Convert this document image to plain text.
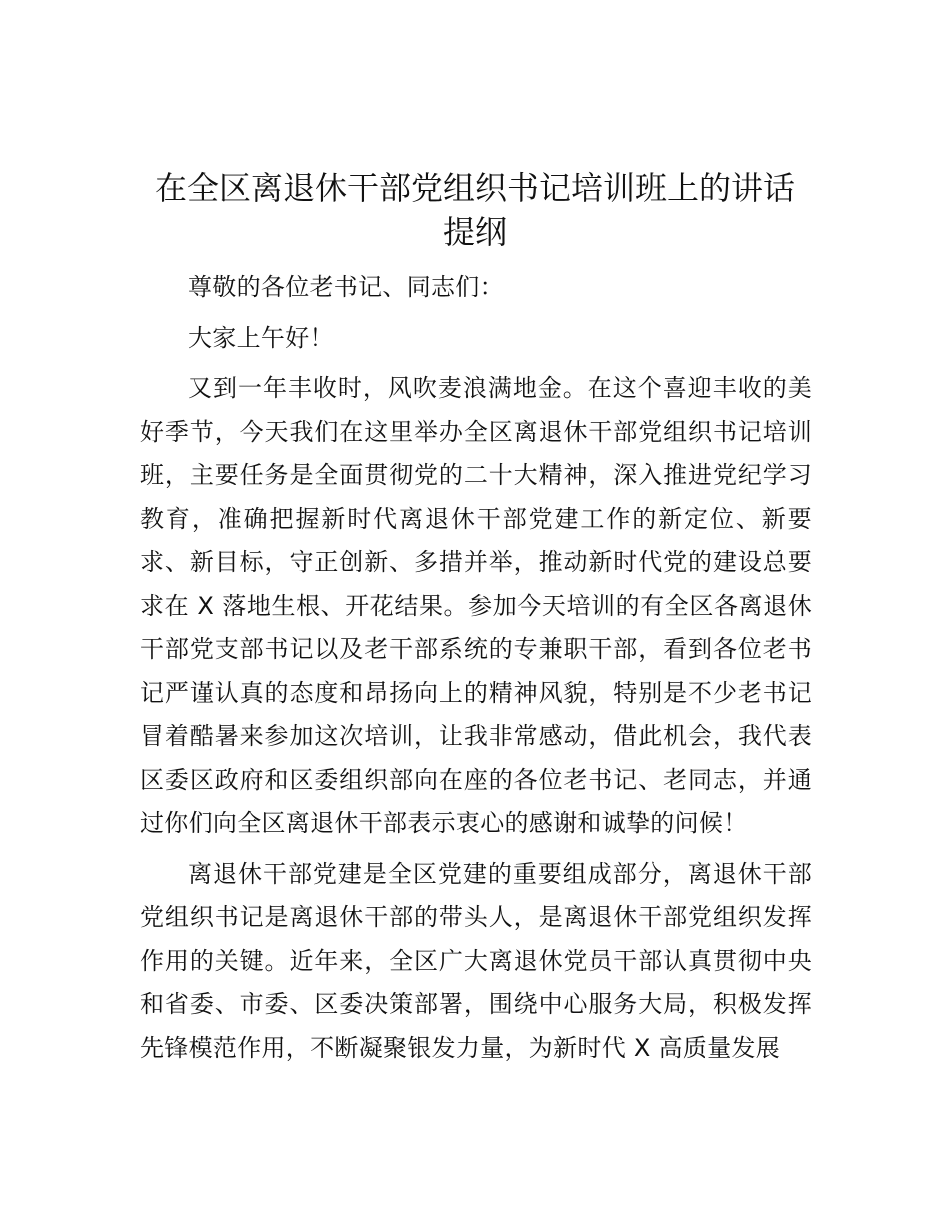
在全区离退休干部党组织书记培训班上的讲话提纲

尊敬的各位老书记、同志们：

大家上午好！

又到一年丰收时，风吹麦浪满地金。在这个喜迎丰收的美好季节，今天我们在这里举办全区离退休干部党组织书记培训班，主要任务是全面贯彻党的二十大精神，深入推进党纪学习教育，准确把握新时代离退休干部党建工作的新定位、新要求、新目标，守正创新、多措并举，推动新时代党的建设总要求在 X 落地生根、开花结果。参加今天培训的有全区各离退休干部党支部书记以及老干部系统的专兼职干部，看到各位老书记严谨认真的态度和昂扬向上的精神风貌，特别是不少老书记冒着酷暑来参加这次培训，让我非常感动，借此机会，我代表区委区政府和区委组织部向在座的各位老书记、老同志，并通过你们向全区离退休干部表示衷心的感谢和诚挚的问候！

离退休干部党建是全区党建的重要组成部分，离退休干部党组织书记是离退休干部的带头人，是离退休干部党组织发挥作用的关键。近年来，全区广大离退休党员干部认真贯彻中央和省委、市委、区委决策部署，围绕中心服务大局，积极发挥先锋模范作用，不断凝聚银发力量，为新时代 X 高质量发展
